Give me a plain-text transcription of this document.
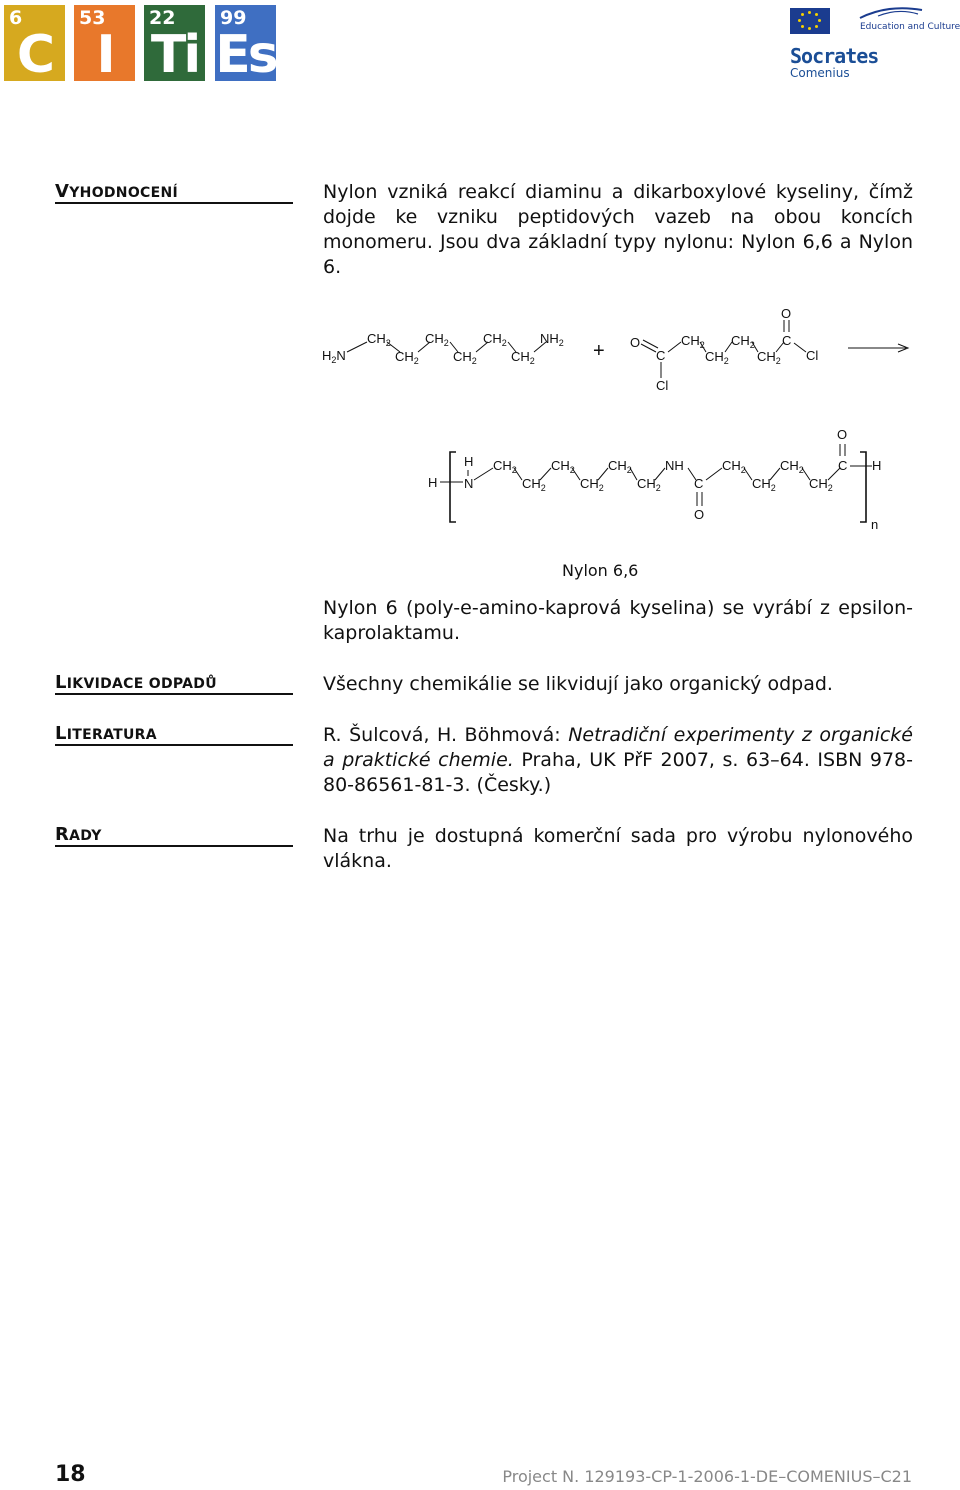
6
C
53
I
22
Ti
99
Es	Education and Culture
Socrates
Comenius
VYHODNOCENÍ	Nylon vzniká reakcí diaminu a dikarboxylové kyseliny, čímž dojde ke vzniku peptidových vazeb na obou koncích monomeru. Jsou dva základní typy nylonu: Nylon 6,6 a Nylon 6.
$H_2N$
$CH_2$
$CH_2$
$CH_2$
$CH_2$
$CH_2$
$CH_2$
$NH_2 + O$
C
Cl
$CH_2$
$CH_2$
$CH_2$
$CH_2$
C
O
Cl
H
H
N
$CH_2$
$CH_2$
$CH_2$
$CH_2$
$CH_2$
$CH_2$
NH
C
O
$CH_2$
$CH_2$
$CH_2$
$CH_2$
C
O
H
n
Nylon 6,6
Nylon 6 (poly-e-amino-kaprová kyselina) se vyrábí z epsilon-kaprolaktamu.
LIKVIDACE ODPADŮ	Všechny chemikálie se likvidují jako organický odpad.
LITERATURA	R. Šulcová, H. Böhmová: Netradiční experimenty z organické a praktické chemie. Praha, UK PřF 2007, s. 63–64. ISBN 978-80-86561-81-3. (Česky.)
RADY	Na trhu je dostupná komerční sada pro výrobu nylonového vlákna.
18	Project N. 129193-CP-1-2006-1-DE–COMENIUS–C21
